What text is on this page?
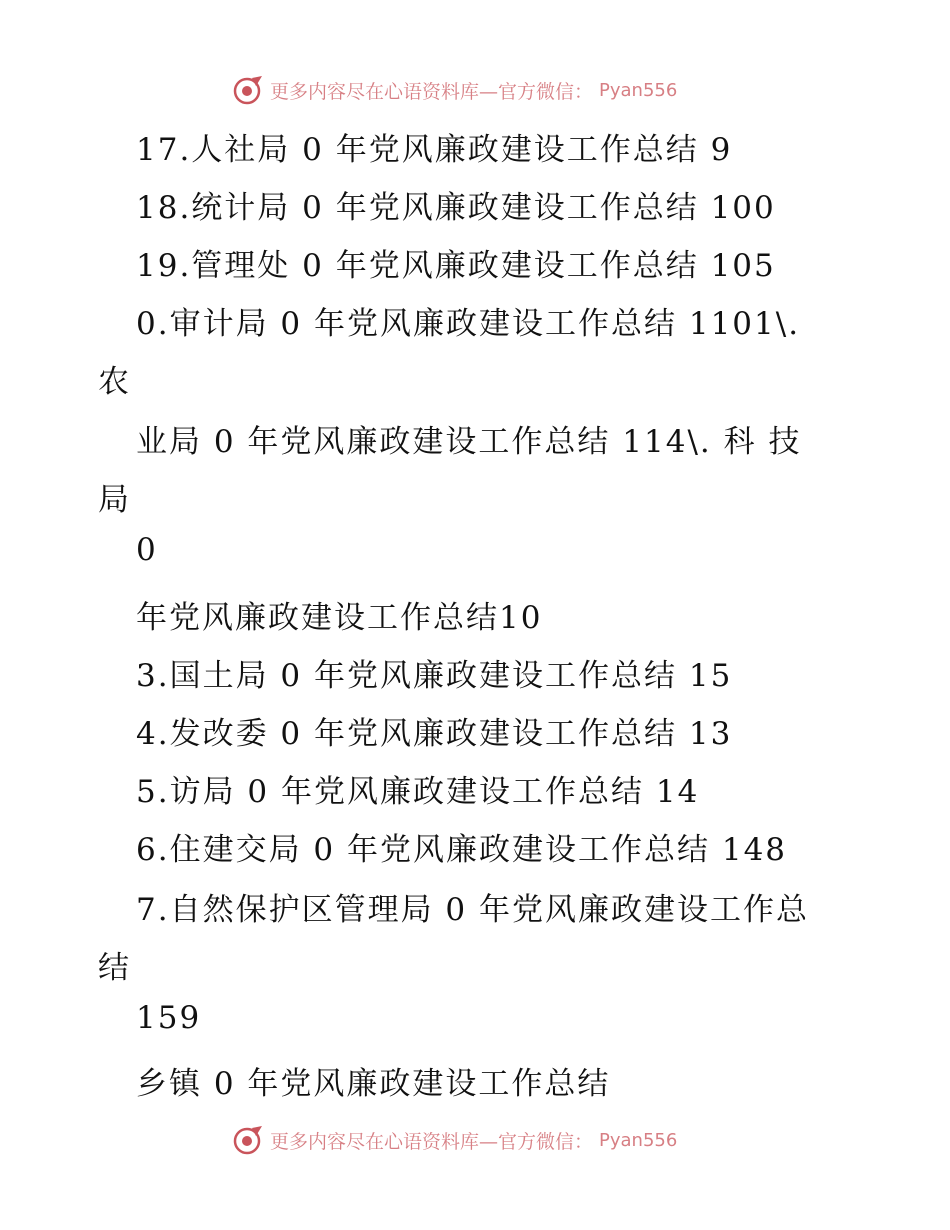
更多内容尽在心语资料库—官方微信： Pyan556
17.人社局 0 年党风廉政建设工作总结 9
18.统计局 0 年党风廉政建设工作总结 100
19.管理处 0 年党风廉政建设工作总结 105
0.审计局 0 年党风廉政建设工作总结 1101\.
农
业局 0 年党风廉政建设工作总结 114\. 科 技
局
0
年党风廉政建设工作总结10
3.国土局 0 年党风廉政建设工作总结 15
4.发改委 0 年党风廉政建设工作总结 13
5.访局 0 年党风廉政建设工作总结 14
6.住建交局 0 年党风廉政建设工作总结 148
7.自然保护区管理局 0 年党风廉政建设工作总
结
159
乡镇 0 年党风廉政建设工作总结
更多内容尽在心语资料库—官方微信： Pyan556
